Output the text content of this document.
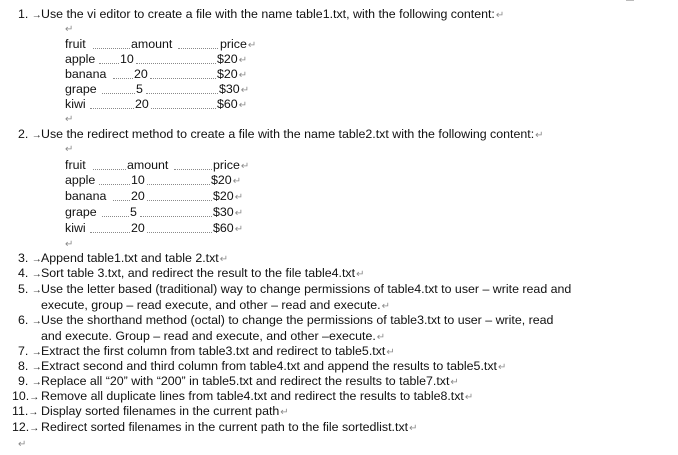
1. → Use the vi editor to create a file with the name table1.txt, with the following content:↵
↵
fruit	amount	price↵
apple 10	$20↵
banana 20	$20↵
grape	5	$30↵
kiwi	20	$60↵
↵
2. → Use the redirect method to create a file with the name table2.txt with the following content:↵
↵
fruit	amount	price↵
apple	10	$20↵
banana 20	$20↵
grape	5	$30↵
kiwi	20	$60↵
↵
3. → Append table1.txt and table 2.txt↵
4. → Sort table 3.txt, and redirect the result to the file table4.txt↵
5. → Use the letter based (traditional) way to change permissions of table4.txt to user – write read and
execute, group – read execute, and other – read and execute.↵
6. → Use the shorthand method (octal) to change the permissions of table3.txt to user – write, read
and execute. Group – read and execute, and other –execute.↵
7. → Extract the first column from table3.txt and redirect to table5.txt↵
8. → Extract second and third column from table4.txt and append the results to table5.txt↵
9. → Replace all “20” with “200” in table5.txt and redirect the results to table7.txt↵
10.→ Remove all duplicate lines from table4.txt and redirect the results to table8.txt↵
11.→ Display sorted filenames in the current path↵
12.→ Redirect sorted filenames in the current path to the file sortedlist.txt↵
↵
